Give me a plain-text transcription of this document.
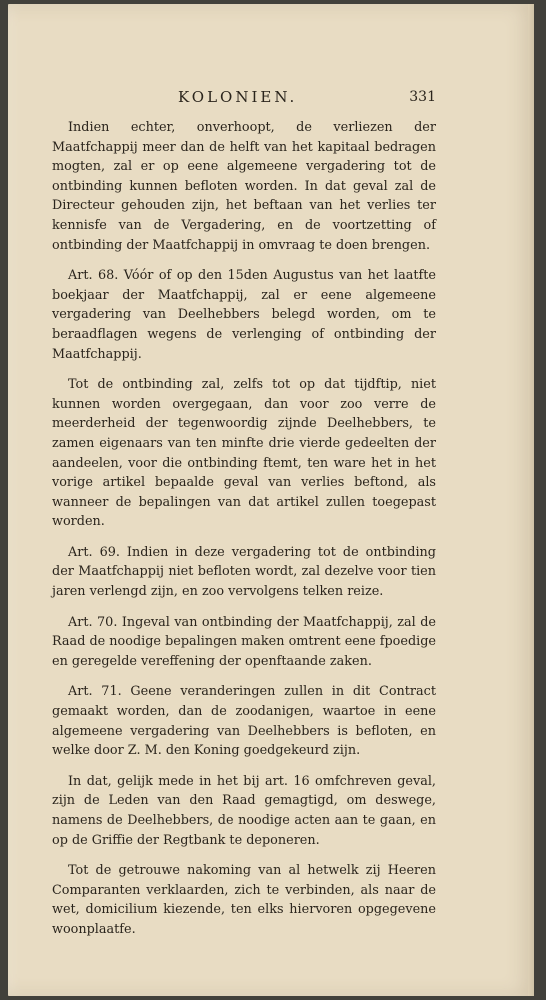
KOLONIEN.	331

Indien echter, onverhoopt, de verliezen der Maatfchappij meer dan de helft van het kapitaal bedragen mogten, zal er op eene algemeene vergadering tot de ontbinding kunnen befloten worden. In dat geval zal de Directeur gehouden zijn, het beftaan van het verlies ter kennisfe van de Vergadering, en de voortzetting of ontbinding der Maatfchappij in omvraag te doen brengen.

Art. 68. Vóór of op den 15den Augustus van het laatfte boekjaar der Maatfchappij, zal er eene algemeene vergadering van Deelhebbers belegd worden, om te beraadflagen wegens de verlenging of ontbinding der Maatfchappij.

Tot de ontbinding zal, zelfs tot op dat tijdftip, niet kunnen worden overgegaan, dan voor zoo verre de meerderheid der tegenwoordig zijnde Deelhebbers, te zamen eigenaars van ten minfte drie vierde gedeelten der aandeelen, voor die ontbinding ftemt, ten ware het in het vorige artikel bepaalde geval van verlies beftond, als wanneer de bepalingen van dat artikel zullen toegepast worden.

Art. 69. Indien in deze vergadering tot de ontbinding der Maatfchappij niet befloten wordt, zal dezelve voor tien jaren verlengd zijn, en zoo vervolgens telken reize.

Art. 70. Ingeval van ontbinding der Maatfchappij, zal de Raad de noodige bepalingen maken omtrent eene fpoedige en geregelde vereffening der openftaande zaken.

Art. 71. Geene veranderingen zullen in dit Contract gemaakt worden, dan de zoodanigen, waartoe in eene algemeene vergadering van Deelhebbers is befloten, en welke door Z. M. den Koning goedgekeurd zijn.

In dat, gelijk mede in het bij art. 16 omfchreven geval, zijn de Leden van den Raad gemagtigd, om deswege, namens de Deelhebbers, de noodige acten aan te gaan, en op de Griffie der Regtbank te deponeren.

Tot de getrouwe nakoming van al hetwelk zij Heeren Comparanten verklaarden, zich te verbinden, als naar de wet, domicilium kiezende, ten elks hiervoren opgegevene woonplaatfe.
